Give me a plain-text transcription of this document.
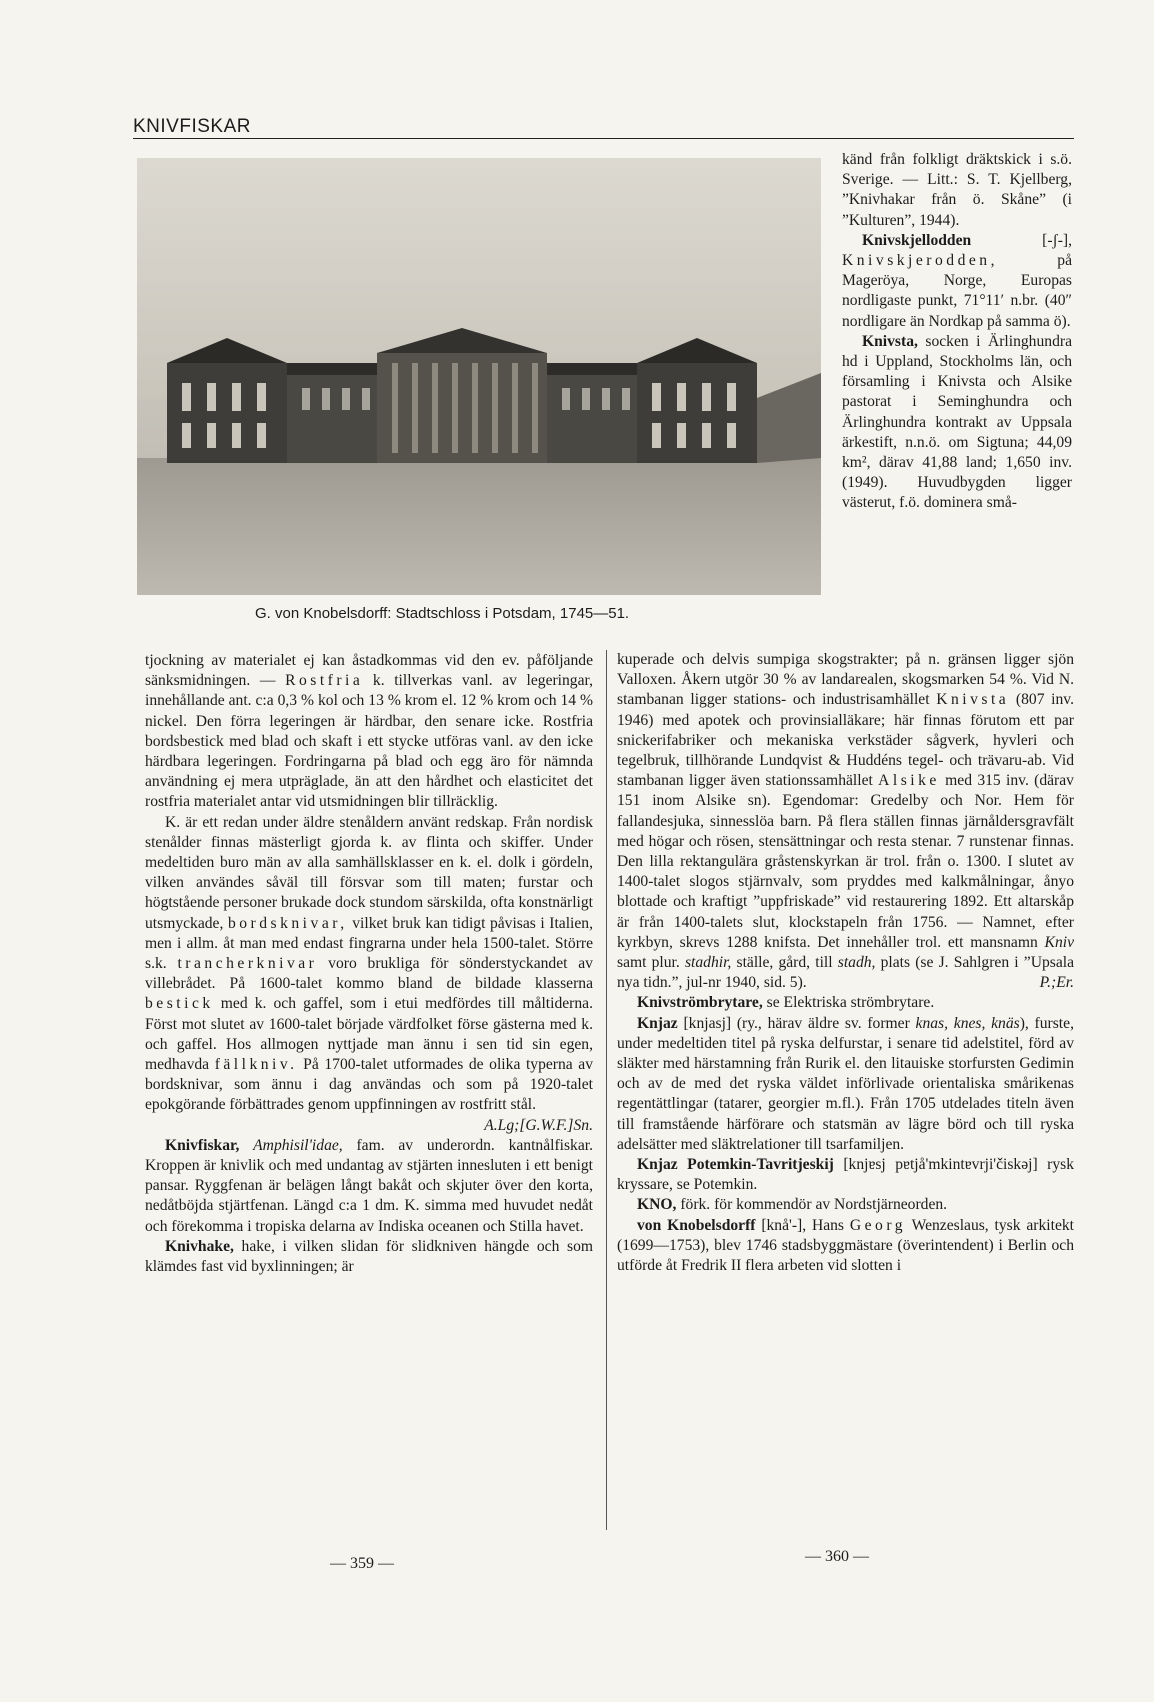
KNIVFISKAR
G. von Knobelsdorff: Stadtschloss i Potsdam, 1745—51.

känd från folkligt dräktskick i s.ö. Sverige. — Litt.: S. T. Kjellberg, ”Knivhakar från ö. Skåne” (i ”Kulturen”, 1944).

Knivskjellodden	[-ʃ-], Knivskjerodden,	på Mageröya, Norge, Europas nordligaste punkt, 71°11′ n.br. (40″ nordligare än Nordkap på samma ö).

Knivsta, socken i Ärlinghundra hd i Uppland, Stockholms län, och församling i Knivsta och Alsike pastorat i Seminghundra och Ärlinghundra kontrakt av Uppsala ärkestift, n.n.ö. om Sigtuna; 44,09 km², därav 41,88 land; 1,650 inv. (1949). Huvudbygden ligger västerut, f.ö. dominera små-

tjockning av materialet ej kan åstadkommas vid den ev. påföljande sänksmidningen. — Rostfria k. tillverkas vanl. av legeringar, innehållande ant. c:a 0,3 % kol och 13 % krom el. 12 % krom och 14 % nickel. Den förra legeringen är härdbar, den senare icke. Rostfria bordsbestick med blad och skaft i ett stycke utföras vanl. av den icke härdbara legeringen. Fordringarna på blad och egg äro för nämnda användning ej mera utpräglade, än att den hårdhet och elasticitet det rostfria materialet antar vid utsmidningen blir tillräcklig.

K. är ett redan under äldre stenåldern använt redskap. Från nordisk stenålder finnas mästerligt gjorda k. av flinta och skiffer. Under medeltiden buro män av alla samhällsklasser en k. el. dolk i gördeln, vilken användes såväl till försvar som till maten; furstar och högtstående personer brukade dock stundom särskilda, ofta konstnärligt utsmyckade, bordsknivar, vilket bruk kan tidigt påvisas i Italien, men i allm. åt man med endast fingrarna under hela 1500-talet. Större s.k. trancherknivar voro brukliga för sönderstyckandet av villebrådet. På 1600-talet kommo bland de bildade klasserna bestick med k. och gaffel, som i etui medfördes till måltiderna. Först mot slutet av 1600-talet började värdfolket förse gästerna med k. och gaffel. Hos allmogen nyttjade man ännu i sen tid sin egen, medhavda fällkniv. På 1700-talet utformades de olika typerna av bordsknivar, som ännu i dag användas och som på 1920-talet epokgörande förbättrades genom uppfinningen av rostfritt stål.
A.Lg;[G.W.F.]Sn.

Knivfiskar, Amphisil'idae, fam. av underordn. kantnålfiskar. Kroppen är knivlik och med undantag av stjärten innesluten i ett benigt pansar. Ryggfenan är belägen långt bakåt och skjuter över den korta, nedåtböjda stjärtfenan. Längd c:a 1 dm. K. simma med huvudet nedåt och förekomma i tropiska delarna av Indiska oceanen och Stilla havet.

Knivhake, hake, i vilken slidan för slidkniven hängde och som klämdes fast vid byxlinningen; är

kuperade och delvis sumpiga skogstrakter; på n. gränsen ligger sjön Valloxen. Åkern utgör 30 % av landarealen, skogsmarken 54 %. Vid N. stambanan ligger stations- och industrisamhället Knivsta (807 inv. 1946) med apotek och provinsialläkare; här finnas förutom ett par snickerifabriker och mekaniska verkstäder sågverk, hyvleri och tegelbruk, tillhörande Lundqvist & Huddéns tegel- och trävaru-ab. Vid stambanan ligger även stationssamhället Alsike med 315 inv. (därav 151 inom Alsike sn). Egendomar: Gredelby och Nor. Hem för fallandesjuka, sinnesslöa barn. På flera ställen finnas järnåldersgravfält med högar och rösen, stensättningar och resta stenar. 7 runstenar finnas. Den lilla rektangulära gråstenskyrkan är trol. från o. 1300. I slutet av 1400-talet slogos stjärnvalv, som pryddes med kalkmålningar, ånyo blottade och kraftigt ”uppfriskade” vid restaurering 1892. Ett altarskåp är från 1400-talets slut, klockstapeln från 1756. — Namnet, efter kyrkbyn, skrevs 1288 knifsta. Det innehåller trol. ett mansnamn Kniv samt plur. stadhir, ställe, gård, till stadh, plats (se J. Sahlgren i ”Upsala nya tidn.”, jul-nr 1940, sid. 5).	P.;Er.

Knivströmbrytare, se Elektriska strömbrytare.

Knjaz [knjasj] (ry., härav äldre sv. former knas, knes, knäs), furste, under medeltiden titel på ryska delfurstar, i senare tid adelstitel, förd av släkter med härstamning från Rurik el. den litauiske storfursten Gedimin och av de med det ryska väldet införlivade orientaliska smårikenas regentättlingar (tatarer, georgier m.fl.). Från 1705 utdelades titeln även till framstående härförare och statsmän av lägre börd och till ryska adelsätter med släktrelationer till tsarfamiljen.

Knjaz Potemkin-Tavritjeskij [knjɐsj pɐtjå'mkintɐvrji'čiskəj] rysk kryssare, se Potemkin.

KNO, förk. för kommendör av Nordstjärneorden.

von Knobelsdorff [knå'-], Hans Georg Wenzeslaus, tysk arkitekt (1699—1753), blev 1746 stadsbyggmästare (överintendent) i Berlin och utförde åt Fredrik II flera arbeten vid slotten i

— 359 —	— 360 —
